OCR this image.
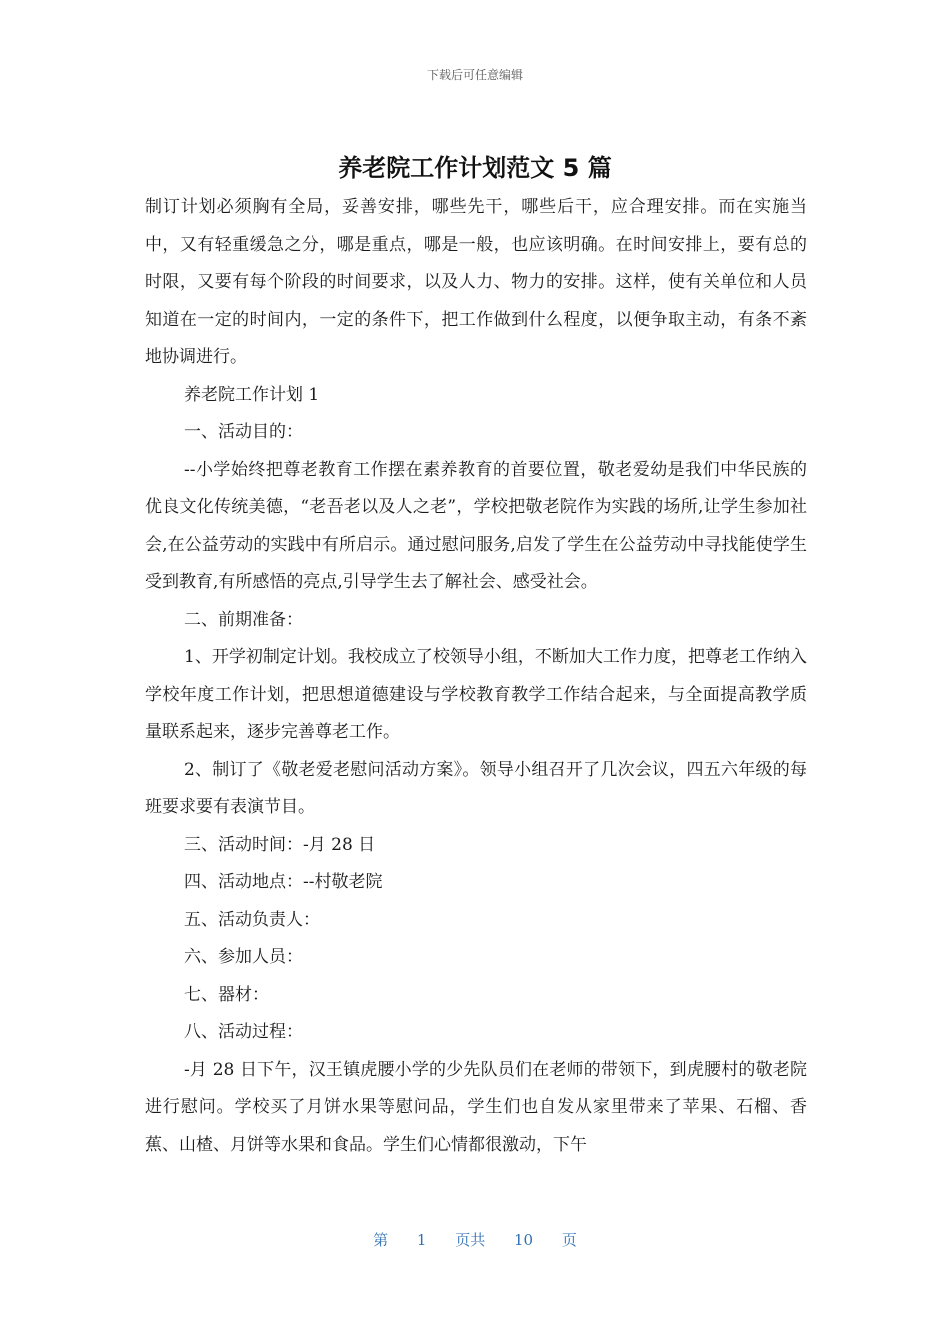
下载后可任意编辑
养老院工作计划范文 5 篇

制订计划必须胸有全局，妥善安排，哪些先干，哪些后干，应合理安排。而在实施当中，又有轻重缓急之分，哪是重点，哪是一般，也应该明确。在时间安排上，要有总的时限，又要有每个阶段的时间要求，以及人力、物力的安排。这样，使有关单位和人员知道在一定的时间内，一定的条件下，把工作做到什么程度，以便争取主动，有条不紊地协调进行。

养老院工作计划 1

一、活动目的：

--小学始终把尊老教育工作摆在素养教育的首要位置，敬老爱幼是我们中华民族的优良文化传统美德，“老吾老以及人之老”，学校把敬老院作为实践的场所,让学生参加社会,在公益劳动的实践中有所启示。通过慰问服务,启发了学生在公益劳动中寻找能使学生受到教育,有所感悟的亮点,引导学生去了解社会、感受社会。

二、前期准备：

1、开学初制定计划。我校成立了校领导小组，不断加大工作力度，把尊老工作纳入学校年度工作计划，把思想道德建设与学校教育教学工作结合起来，与全面提高教学质量联系起来，逐步完善尊老工作。

2、制订了《敬老爱老慰问活动方案》。领导小组召开了几次会议，四五六年级的每班要求要有表演节目。

三、活动时间：-月 28 日

四、活动地点：--村敬老院

五、活动负责人：

六、参加人员：

七、器材：

八、活动过程：

-月 28 日下午，汉王镇虎腰小学的少先队员们在老师的带领下，到虎腰村的敬老院进行慰问。学校买了月饼水果等慰问品，学生们也自发从家里带来了苹果、石榴、香蕉、山楂、月饼等水果和食品。学生们心情都很激动，下午

第 1 页共 10 页
